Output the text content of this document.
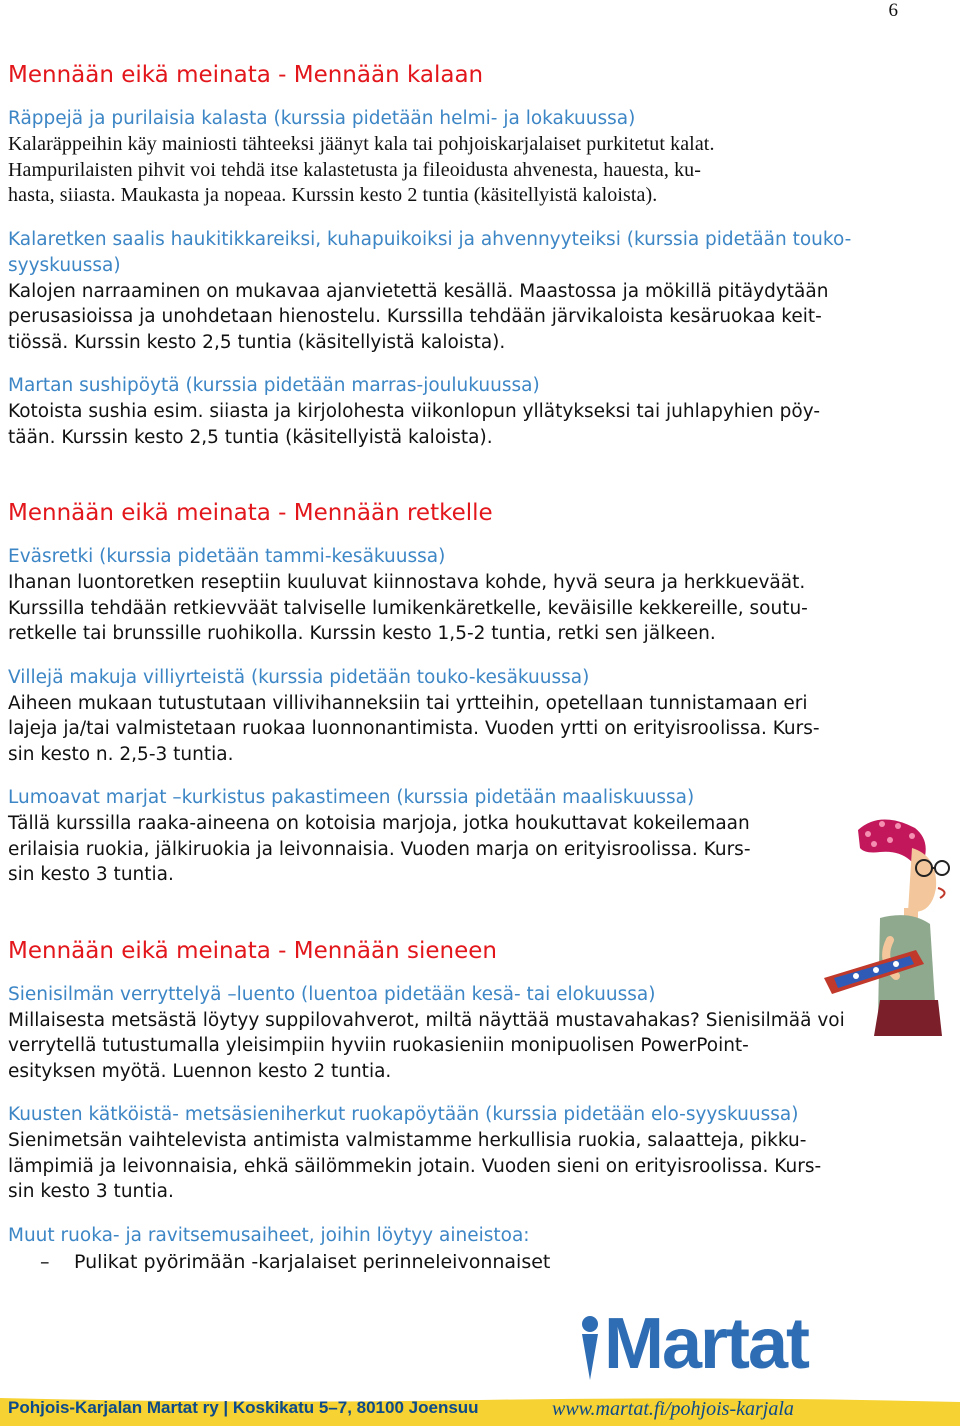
6
Mennään eikä meinata - Mennään kalaan
Räppejä ja purilaisia kalasta (kurssia pidetään helmi- ja lokakuussa)
Kalaräppeihin käy mainiosti tähteeksi jäänyt kala tai pohjoiskarjalaiset purkitetut kalat.
Hampurilaisten pihvit voi tehdä itse kalastetusta ja fileoidusta ahvenesta, hauesta, ku-
hasta, siiasta. Maukasta ja nopeaa. Kurssin kesto 2 tuntia (käsitellyistä kaloista).
Kalaretken saalis haukitikkareiksi, kuhapuikoiksi ja ahvennyyteiksi (kurssia pidetään touko- syyskuussa)
Kalojen narraaminen on mukavaa ajanvietettä kesällä. Maastossa ja mökillä pitäydytään
perusasioissa ja unohdetaan hienostelu. Kurssilla tehdään järvikaloista kesäruokaa keit-
tiössä. Kurssin kesto 2,5 tuntia (käsitellyistä kaloista).
Martan sushipöytä (kurssia pidetään marras-joulukuussa)
Kotoista sushia esim. siiasta ja kirjolohesta viikonlopun yllätykseksi tai juhlapyhien pöy-
tään. Kurssin kesto 2,5 tuntia (käsitellyistä kaloista).
Mennään eikä meinata - Mennään retkelle
Eväsretki (kurssia pidetään tammi-kesäkuussa)
Ihanan luontoretken reseptiin kuuluvat kiinnostava kohde, hyvä seura ja herkkueväät.
Kurssilla tehdään retkievväät talviselle lumikenkäretkelle, keväisille kekkereille, soutu-
retkelle tai brunssille ruohikolla. Kurssin kesto 1,5-2 tuntia, retki sen jälkeen.
Villejä makuja villiyrteistä (kurssia pidetään touko-kesäkuussa)
Aiheen mukaan tutustutaan villivihanneksiin tai yrtteihin, opetellaan tunnistamaan eri
lajeja ja/tai valmistetaan ruokaa luonnonantimista. Vuoden yrtti on erityisroolissa. Kurs-
sin kesto n. 2,5-3 tuntia.
Lumoavat marjat –kurkistus pakastimeen (kurssia pidetään maaliskuussa)
Tällä kurssilla raaka-aineena on kotoisia marjoja, jotka houkuttavat kokeilemaan
erilaisia ruokia, jälkiruokia ja leivonnaisia. Vuoden marja on erityisroolissa. Kurs-
sin kesto 3 tuntia.
Mennään eikä meinata - Mennään sieneen
Sienisilmän verryttelyä –luento (luentoa pidetään kesä- tai elokuussa)
Millaisesta metsästä löytyy suppilovahverot, miltä näyttää mustavahakas? Sienisilmää voi
verrytellä tutustumalla yleisimpiin hyviin ruokasieniin monipuolisen PowerPoint-
esityksen myötä. Luennon kesto 2 tuntia.
Kuusten kätköistä- metsäsieniherkut ruokapöytään (kurssia pidetään elo-syyskuussa)
Sienimetsän vaihtelevista antimista valmistamme herkullisia ruokia, salaatteja, pikku-
lämpimiä ja leivonnaisia, ehkä säilömmekin jotain. Vuoden sieni on erityisroolissa. Kurs-
sin kesto 3 tuntia.
Muut ruoka- ja ravitsemusaiheet, joihin löytyy aineistoa:
–	Pulikat pyörimään -karjalaiset perinneleivonnaiset
Martat
Pohjois-Karjalan Martat ry | Koskikatu 5–7, 80100 Joensuu	www.martat.fi/pohjois-karjala
